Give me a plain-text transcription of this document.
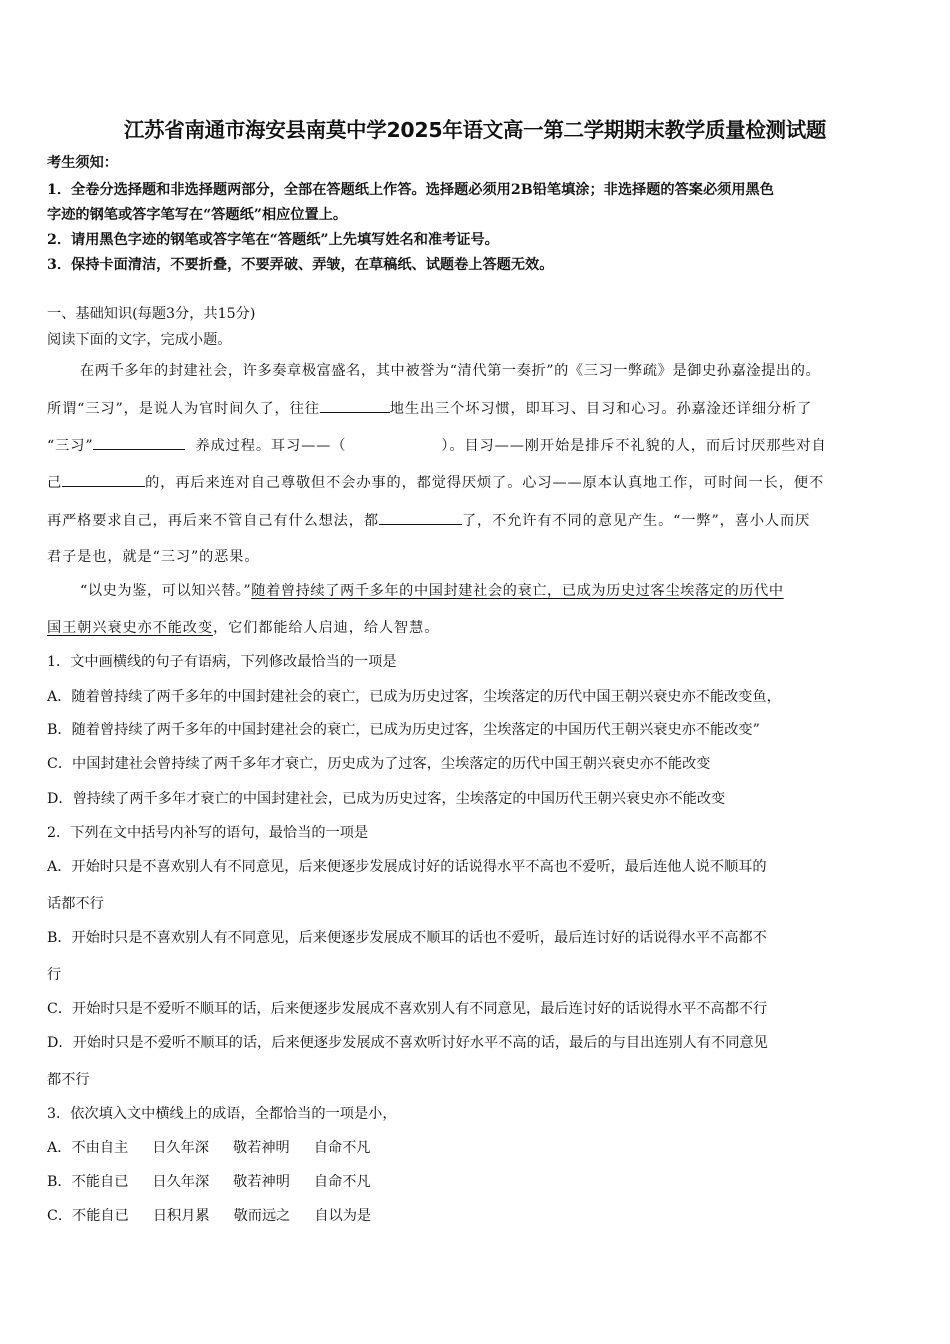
江苏省南通市海安县南莫中学2025年语文高一第二学期期末教学质量检测试题
考生须知：
1．全卷分选择题和非选择题两部分，全部在答题纸上作答。选择题必须用2B铅笔填涂；非选择题的答案必须用黑色
字迹的钢笔或答字笔写在“答题纸”相应位置上。
2．请用黑色字迹的钢笔或答字笔在“答题纸”上先填写姓名和准考证号。
3．保持卡面清洁，不要折叠，不要弄破、弄皱，在草稿纸、试题卷上答题无效。
一、基础知识(每题3分，共15分)
阅读下面的文字，完成小题。
在两千多年的封建社会，许多奏章极富盛名，其中被誉为“清代第一奏折”的《三习一弊疏》是御史孙嘉淦提出的。
所谓“三习”，是说人为官时间久了，往往	地生出三个坏习惯，即耳习、目习和心习。孙嘉淦还详细分析了
“三习”	养成过程。耳习——（	）。目习——刚开始是排斥不礼貌的人，而后讨厌那些对自
己	的，再后来连对自己尊敬但不会办事的，都觉得厌烦了。心习——原本认真地工作，可时间一长，便不
再严格要求自己，再后来不管自己有什么想法，都	了，不允许有不同的意见产生。“一弊”，喜小人而厌
君子是也，就是“三习”的恶果。
“以史为鉴，可以知兴替。”随着曾持续了两千多年的中国封建社会的衰亡，已成为历史过客尘埃落定的历代中
国王朝兴衰史亦不能改变，它们都能给人启迪，给人智慧。
1．文中画横线的句子有语病，下列修改最恰当的一项是
A．随着曾持续了两千多年的中国封建社会的衰亡，已成为历史过客，尘埃落定的历代中国王朝兴衰史亦不能改变鱼，
B．随着曾持续了两千多年的中国封建社会的衰亡，已成为历史过客，尘埃落定的中国历代王朝兴衰史亦不能改变”
C．中国封建社会曾持续了两千多年才衰亡，历史成为了过客，尘埃落定的历代中国王朝兴衰史亦不能改变
D．曾持续了两千多年才衰亡的中国封建社会，已成为历史过客，尘埃落定的中国历代王朝兴衰史亦不能改变
2．下列在文中括号内补写的语句，最恰当的一项是
A．开始时只是不喜欢别人有不同意见，后来便逐步发展成讨好的话说得水平不高也不爱听，最后连他人说不顺耳的
话都不行
B．开始时只是不喜欢别人有不同意见，后来便逐步发展成不顺耳的话也不爱听，最后连讨好的话说得水平不高都不
行
C．开始时只是不爱听不顺耳的话，后来便逐步发展成不喜欢别人有不同意见，最后连讨好的话说得水平不高都不行
D．开始时只是不爱听不顺耳的话，后来便逐步发展成不喜欢听讨好水平不高的话，最后的与目出连别人有不同意见
都不行
3．依次填入文中横线上的成语，全都恰当的一项是小，
A．不由自主 日久年深 敬若神明 自命不凡
B．不能自已 日久年深 敬若神明 自命不凡
C．不能自已 日积月累 敬而远之 自以为是
